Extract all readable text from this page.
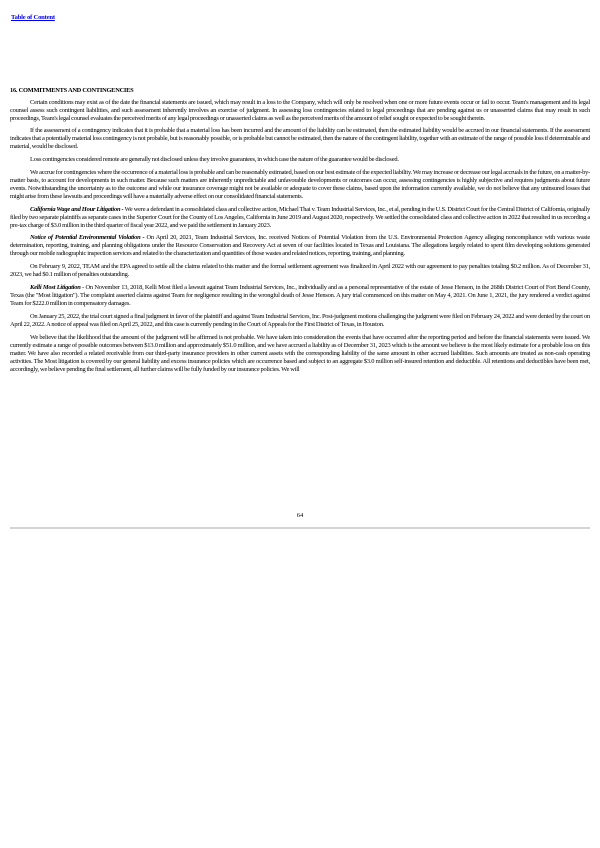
Table of Content
16. COMMITMENTS AND CONTINGENCIES

Certain conditions may exist as of the date the financial statements are issued, which may result in a loss to the Company, which will only be resolved when one or more future events occur or fail to occur. Team's management and its legal counsel assess such contingent liabilities, and such assessment inherently involves an exercise of judgment. In assessing loss contingencies related to legal proceedings that are pending against us or unasserted claims that may result in such proceedings, Team's legal counsel evaluates the perceived merits of any legal proceedings or unasserted claims as well as the perceived merits of the amount of relief sought or expected to be sought therein.

If the assessment of a contingency indicates that it is probable that a material loss has been incurred and the amount of the liability can be estimated, then the estimated liability would be accrued in our financial statements. If the assessment indicates that a potentially material loss contingency is not probable, but is reasonably possible, or is probable but cannot be estimated, then the nature of the contingent liability, together with an estimate of the range of possible loss if determinable and material, would be disclosed.

Loss contingencies considered remote are generally not disclosed unless they involve guarantees, in which case the nature of the guarantee would be disclosed.

We accrue for contingencies where the occurrence of a material loss is probable and can be reasonably estimated, based on our best estimate of the expected liability. We may increase or decrease our legal accruals in the future, on a matter-by-matter basis, to account for developments in such matter. Because such matters are inherently unpredictable and unfavorable developments or outcomes can occur, assessing contingencies is highly subjective and requires judgments about future events. Notwithstanding the uncertainty as to the outcome and while our insurance coverage might not be available or adequate to cover these claims, based upon the information currently available, we do not believe that any uninsured losses that might arise from these lawsuits and proceedings will have a materially adverse effect on our consolidated financial statements.

California Wage and Hour Litigation - We were a defendant in a consolidated class and collective action, Michael Thai v. Team Industrial Services, Inc., et al, pending in the U.S. District Court for the Central District of California, originally filed by two separate plaintiffs as separate cases in the Superior Court for the County of Los Angeles, California in June 2019 and August 2020, respectively. We settled the consolidated class and collective action in 2022 that resulted in us recording a pre-tax charge of $3.0 million in the third quarter of fiscal year 2022, and we paid the settlement in January 2023.

Notice of Potential Environmental Violation - On April 20, 2021, Team Industrial Services, Inc. received Notices of Potential Violation from the U.S. Environmental Protection Agency alleging noncompliance with various waste determination, reporting, training, and planning obligations under the Resource Conservation and Recovery Act at seven of our facilities located in Texas and Louisiana. The allegations largely related to spent film developing solutions generated through our mobile radiographic inspection services and related to the characterization and quantities of those wastes and related notices, reporting, training, and planning.

On February 9, 2022, TEAM and the EPA agreed to settle all the claims related to this matter and the formal settlement agreement was finalized in April 2022 with our agreement to pay penalties totaling $0.2 million. As of December 31, 2023, we had $0.1 million of penalties outstanding.

Kelli Most Litigation - On November 13, 2018, Kelli Most filed a lawsuit against Team Industrial Services, Inc., individually and as a personal representative of the estate of Jesse Henson, in the 268th District Court of Fort Bend County, Texas (the "Most litigation"). The complaint asserted claims against Team for negligence resulting in the wrongful death of Jesse Henson. A jury trial commenced on this matter on May 4, 2021. On June 1, 2021, the jury rendered a verdict against Team for $222.0 million in compensatory damages.

On January 25, 2022, the trial court signed a final judgment in favor of the plaintiff and against Team Industrial Services, Inc. Post-judgment motions challenging the judgment were filed on February 24, 2022 and were denied by the court on April 22, 2022. A notice of appeal was filed on April 25, 2022, and this case is currently pending in the Court of Appeals for the First District of Texas, in Houston.

We believe that the likelihood that the amount of the judgment will be affirmed is not probable. We have taken into consideration the events that have occurred after the reporting period and before the financial statements were issued. We currently estimate a range of possible outcomes between $13.0 million and approximately $51.0 million, and we have accrued a liability as of December 31, 2023 which is the amount we believe is the most likely estimate for a probable loss on this matter. We have also recorded a related receivable from our third-party insurance providers in other current assets with the corresponding liability of the same amount in other accrued liabilities. Such amounts are treated as non-cash operating activities. The Most litigation is covered by our general liability and excess insurance policies which are occurrence based and subject to an aggregate $3.0 million self-insured retention and deductible. All retentions and deductibles have been met, accordingly, we believe pending the final settlement, all further claims will be fully funded by our insurance policies. We will

64
